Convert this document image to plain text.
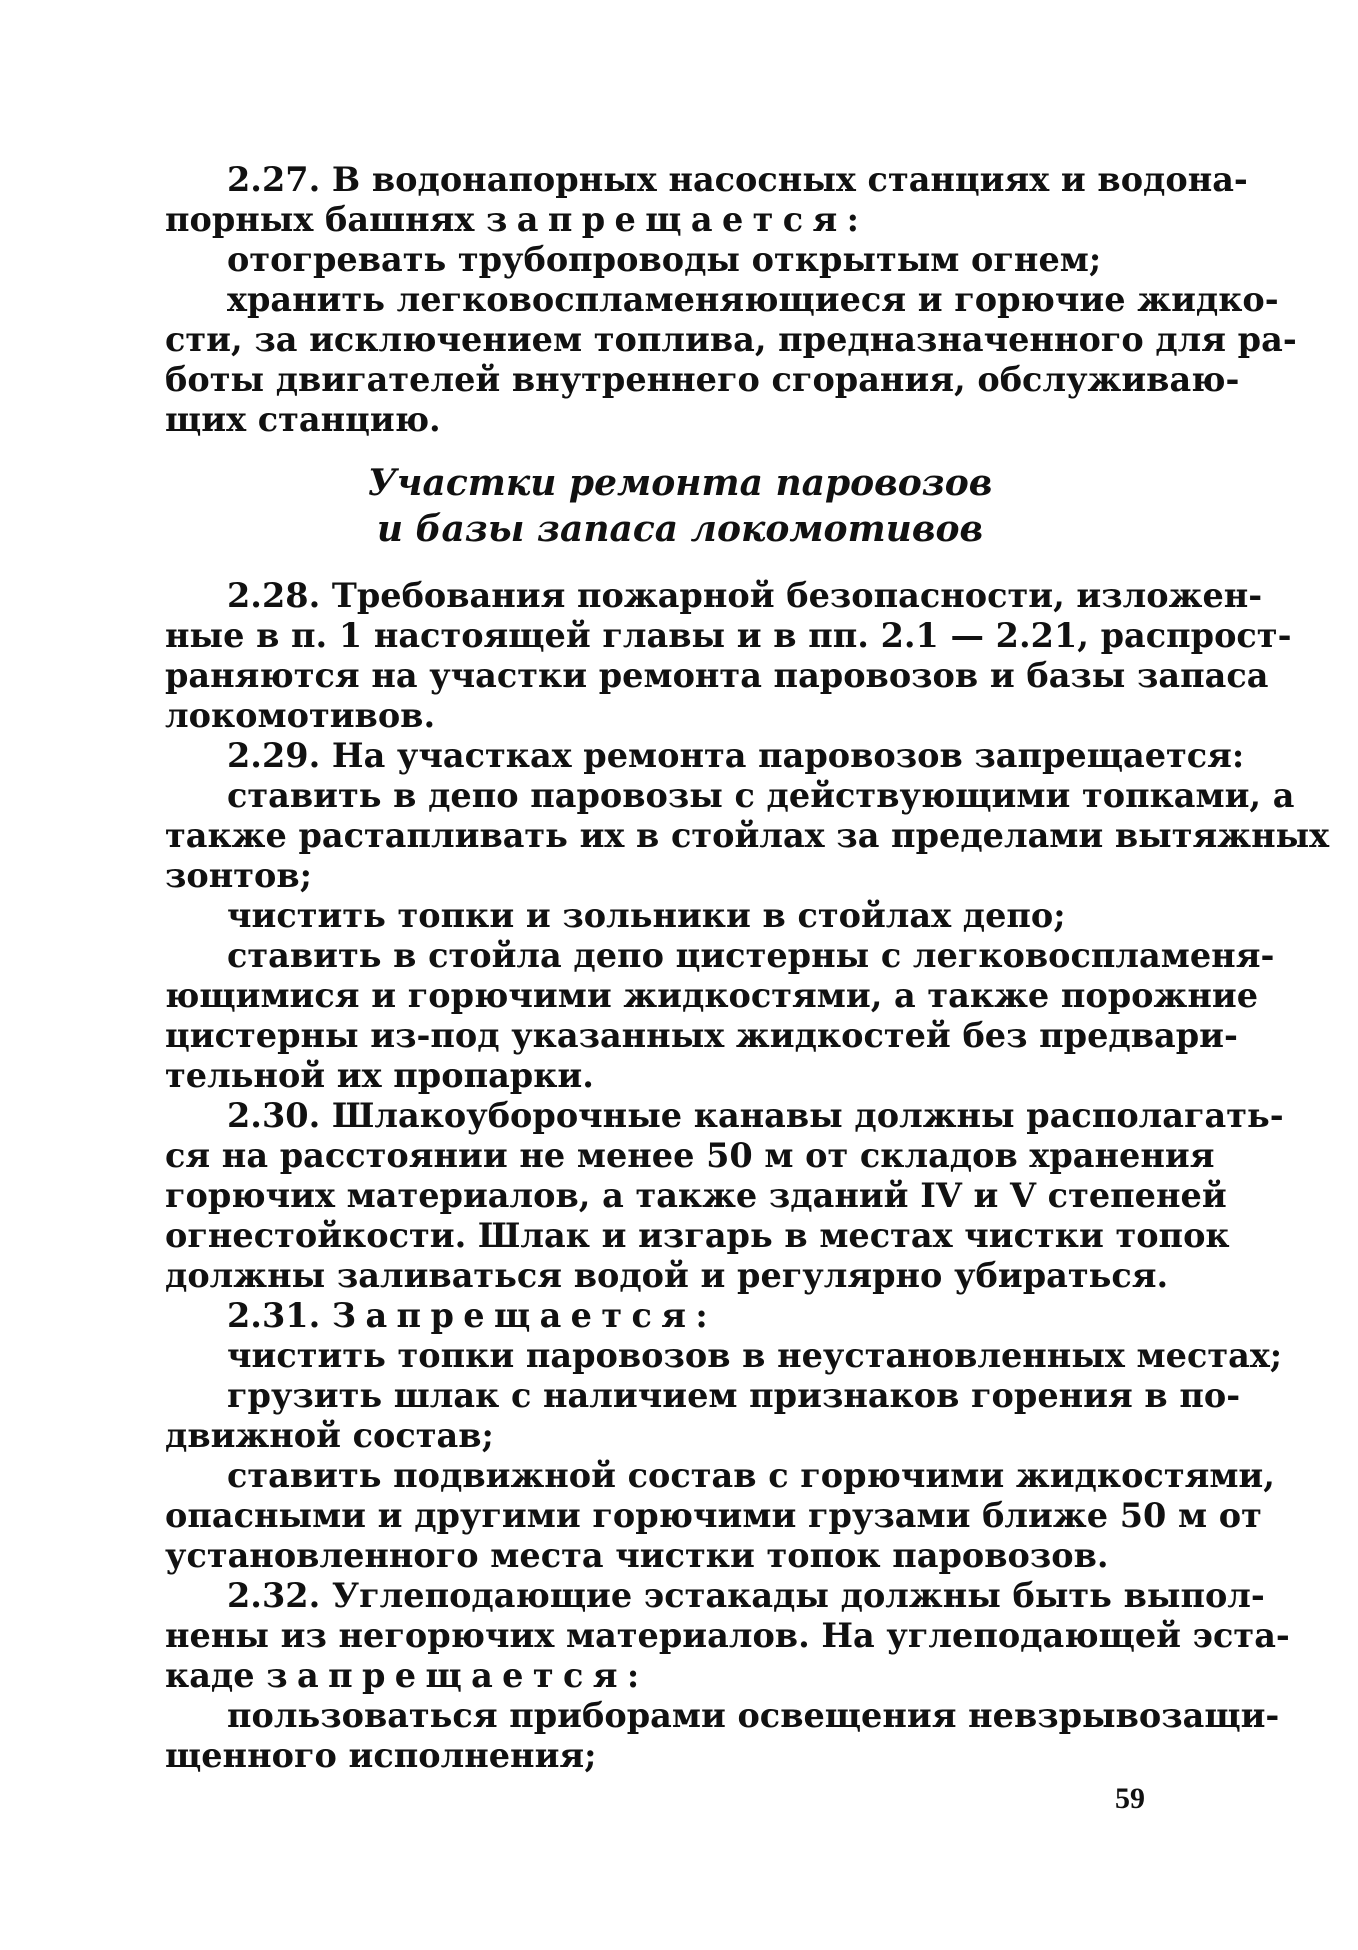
2.27. В водонапорных насосных станциях и водона-
порных башнях запрещается:
отогревать трубопроводы открытым огнем;
хранить легковоспламеняющиеся и горючие жидко-
сти, за исключением топлива, предназначенного для ра-
боты двигателей внутреннего сгорания, обслуживаю-
щих станцию.
Участки ремонта паровозов
и базы запаса локомотивов
2.28. Требования пожарной безопасности, изложен-
ные в п. 1 настоящей главы и в пп. 2.1 — 2.21, распрост-
раняются на участки ремонта паровозов и базы запаса
локомотивов.
2.29. На участках ремонта паровозов запрещается:
ставить в депо паровозы с действующими топками, а
также растапливать их в стойлах за пределами вытяжных
зонтов;
чистить топки и зольники в стойлах депо;
ставить в стойла депо цистерны с легковоспламеня-
ющимися и горючими жидкостями, а также порожние
цистерны из-под указанных жидкостей без предвари-
тельной их пропарки.
2.30. Шлакоуборочные канавы должны располагать-
ся на расстоянии не менее 50 м от складов хранения
горючих материалов, а также зданий IV и V степеней
огнестойкости. Шлак и изгарь в местах чистки топок
должны заливаться водой и регулярно убираться.
2.31. Запрещается:
чистить топки паровозов в неустановленных местах;
грузить шлак с наличием признаков горения в по-
движной состав;
ставить подвижной состав с горючими жидкостями,
опасными и другими горючими грузами ближе 50 м от
установленного места чистки топок паровозов.
2.32. Углеподающие эстакады должны быть выпол-
нены из негорючих материалов. На углеподающей эста-
каде запрещается:
пользоваться приборами освещения невзрывозащи-
щенного исполнения;
59
